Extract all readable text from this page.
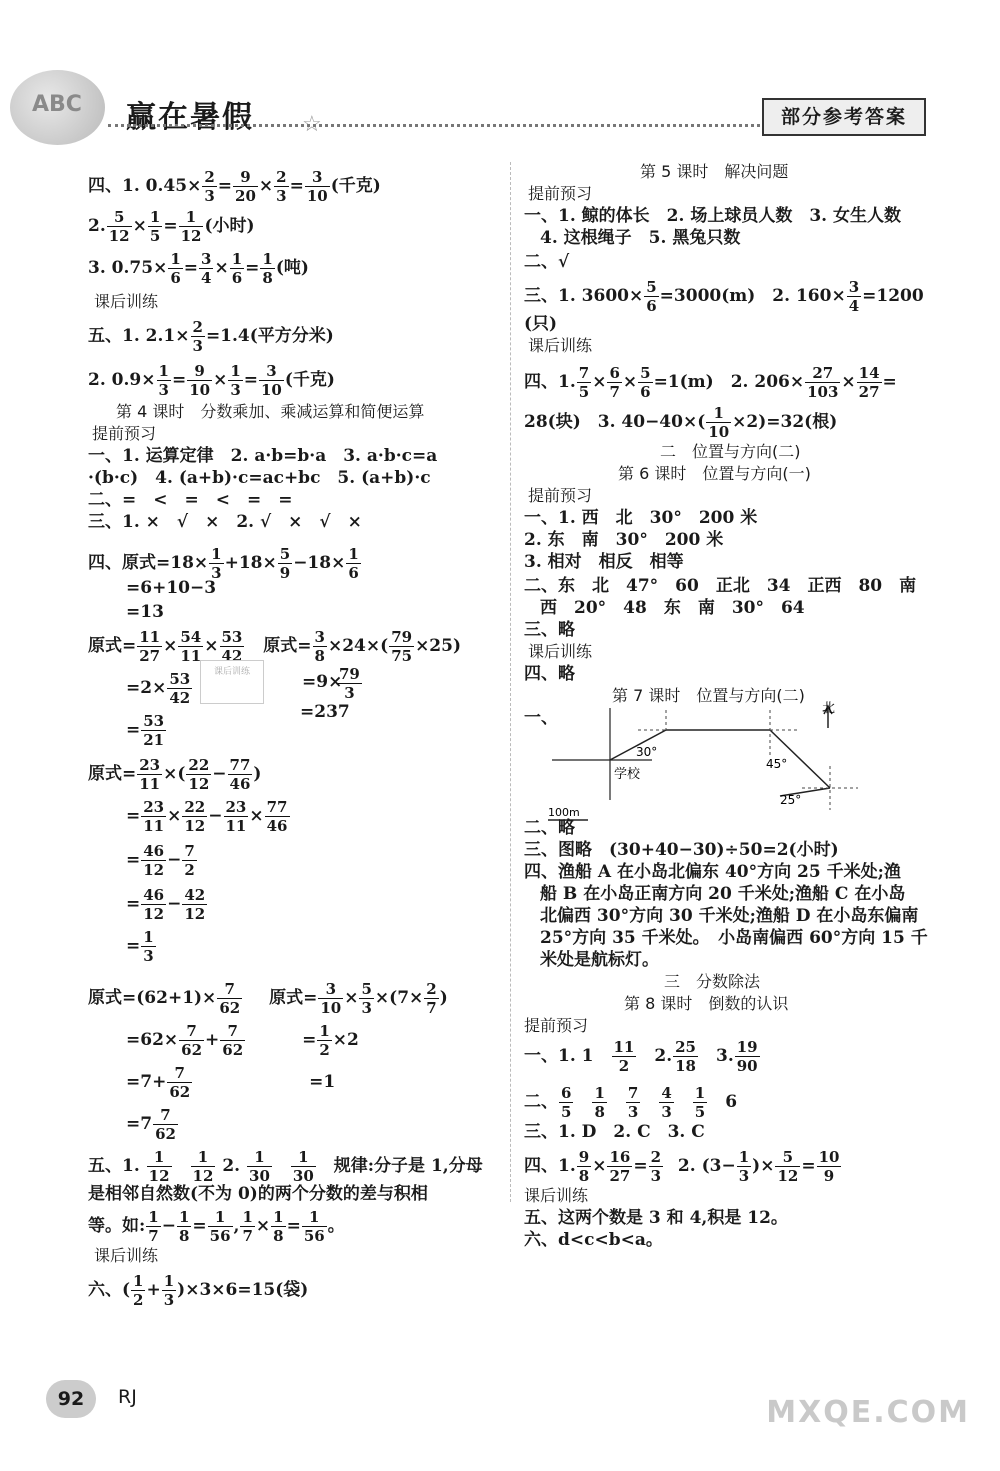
ABC 赢在暑假 ☆	部分参考答案
四、1. $0.45\times \frac{2}{3} = \frac{9}{20} \times \frac{2}{3} = \frac{3}{10}$ (千克)
2. $\frac{5}{12} \times \frac{1}{5} = \frac{1}{12}$ (小时)
3. $0.75\times \frac{1}{6} = \frac{3}{4} \times \frac{1}{6} = \frac{1}{8}$ (吨)
课后训练
五、1. $2.1\times \frac{2}{3} =1.4$(平方分米)
2. $0.9\times \frac{1}{3} = \frac{9}{10} \times \frac{1}{3} = \frac{3}{10}$ (千克)
第 4 课时　分数乘加、乘减运算和简便运算
提前预习
一、1. 运算定律　2. a·b=b·a　3. a·b·c=a
·(b·c)　4. (a+b)·c=ac+bc　5. (a+b)·c
二、=　<　=　<　=　=
三、1. ×　√　×　2. √　×　√　×
四、原式$=18\times \frac{1}{3} +18\times \frac{5}{9} -18\times \frac{1}{6}$
=6+10−3
=13
原式= $\frac{11}{27} \times \frac{54}{11} \times \frac{53}{42}$ 原式= $\frac{3}{8} \times 24\times( \frac{79}{75} \times 25)$
$=2\times \frac{53}{42}$	=9×
$\frac{79}{3}$
=237
= $\frac{53}{21}$
课后训练
原式= $\frac{23}{11}$ ×( $\frac{22}{12} - \frac{77}{46}$ )
= $\frac{23}{11} \times \frac{22}{12} - \frac{23}{11} \times \frac{77}{46}$
= $\frac{46}{12} - \frac{7}{2}$
= $\frac{46}{12} - \frac{42}{12}$
= $\frac{1}{3}$
原式$=(62+1)\times \frac{7}{62}$ 原式= $\frac{3}{10} \times \frac{5}{3} \times(7\times \frac{2}{7}$ )
$=62\times \frac{7}{62} + \frac{7}{62}$	= $\frac{1}{2} \times 2$
$=7+ \frac{7}{62}$	=1
$=7 \frac{7}{62}$
五、1. $\frac{1}{12}$
　 $\frac{1}{12} 2$. $\frac{1}{30}$
　 $\frac{1}{30}$
　 规律:分子是 1,分母
是相邻自然数(不为 0)的两个分数的差与积相
等。如: $\frac{1}{7} - \frac{1}{8} = \frac{1}{56}$ , $\frac{1}{7} \times \frac{1}{8} = \frac{1}{56}$ 。
课后训练
六、( $\frac{1}{2} + \frac{1}{3} )\times 3\times 6=15$(袋)
第 5 课时　解决问题
提前预习
一、1. 鲸的体长　2. 场上球员人数　3. 女生人数
4. 这根绳子　5. 黑兔只数
二、√
三、1. $3600\times \frac{5}{6} =3000(m)$　2. $160\times \frac{3}{4} =1200$
(只)
课后训练
四、1. $\frac{7}{5} \times \frac{6}{7} \times \frac{5}{6} =1(m)$　2. $206\times \frac{27}{103} \times \frac{14}{27}$ =
28(块)　3. $40-40\times( \frac{1}{10} \times 2)=32$(根)
二　位置与方向(二)
第 6 课时　位置与方向(一)
提前预习
一、1. 西　北　30°　200 米
2. 东　南　30°　200 米
3. 相对　相反　相等
二、东　北　47°　60　正北　34　正西　80　南
西　20°　48　东　南　30°　64
三、略
课后训练
四、略
第 7 课时　位置与方向(二)
一、	北
学校
30°
45°
25°
100m
二、略
三、图略　(30+40−30)÷50=2(小时)
四、渔船 A 在小岛北偏东 40°方向 25 千米处;渔
船 B 在小岛正南方向 20 千米处;渔船 C 在小岛
北偏西 30°方向 30 千米处;渔船 D 在小岛东偏南
25°方向 35 千米处。　小岛南偏西 60°方向 15 千
米处是航标灯。
三　分数除法
第 8 课时　倒数的认识
提前预习
一、1. 1　 $\frac{11}{2}$
　 2. $\frac{25}{18}$
　 3. $\frac{19}{90}$
二、 $\frac{6}{5}$
　 $\frac{1}{8}$
　 $\frac{7}{3}$
　 $\frac{4}{3}$
　 $\frac{1}{5}$
　 6
三、1. D　2. C　3. C
四、1. $\frac{9}{8} \times \frac{16}{27} = \frac{2}{3} 2$. ($3- \frac{1}{3}$ )× $\frac{5}{12} = \frac{10}{9}$
课后训练
五、这两个数是 3 和 4,积是 12。
六、d<c<b<a。
92	RJ	MXQE.COM
